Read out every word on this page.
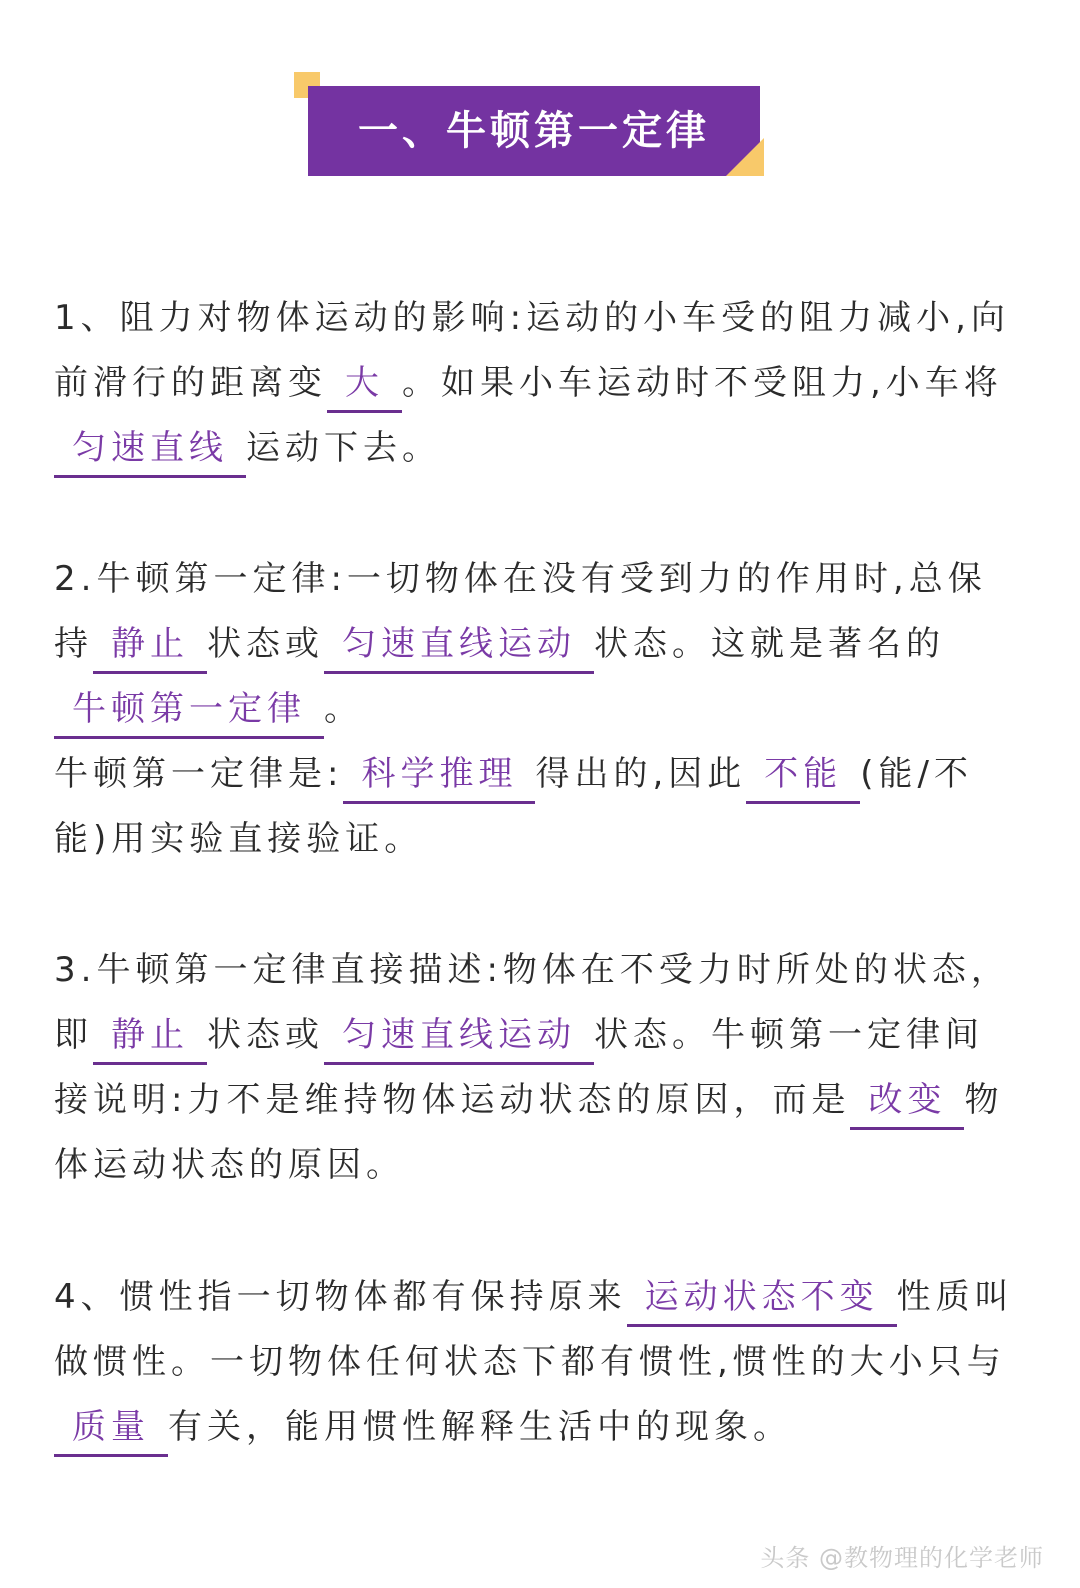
一、牛顿第一定律

1、阻力对物体运动的影响:运动的小车受的阻力减小,向前滑行的距离变 大 。如果小车运动时不受阻力,小车将匀速直线 运动下去。

2.牛顿第一定律:一切物体在没有受到力的作用时,总保持 静止 状态或 匀速直线运动 状态。这就是著名的牛顿第一定律 。

牛顿第一定律是: 科学推理 得出的,因此 不能 (能/不能)用实验直接验证。

3.牛顿第一定律直接描述:物体在不受力时所处的状态，即 静止 状态或 匀速直线运动 状态。牛顿第一定律间接说明:力不是维持物体运动状态的原因，而是 改变 物体运动状态的原因。

4、惯性指一切物体都有保持原来 运动状态不变 性质叫做惯性。一切物体任何状态下都有惯性,惯性的大小只与质量 有关，能用惯性解释生活中的现象。

头条 @教物理的化学老师
